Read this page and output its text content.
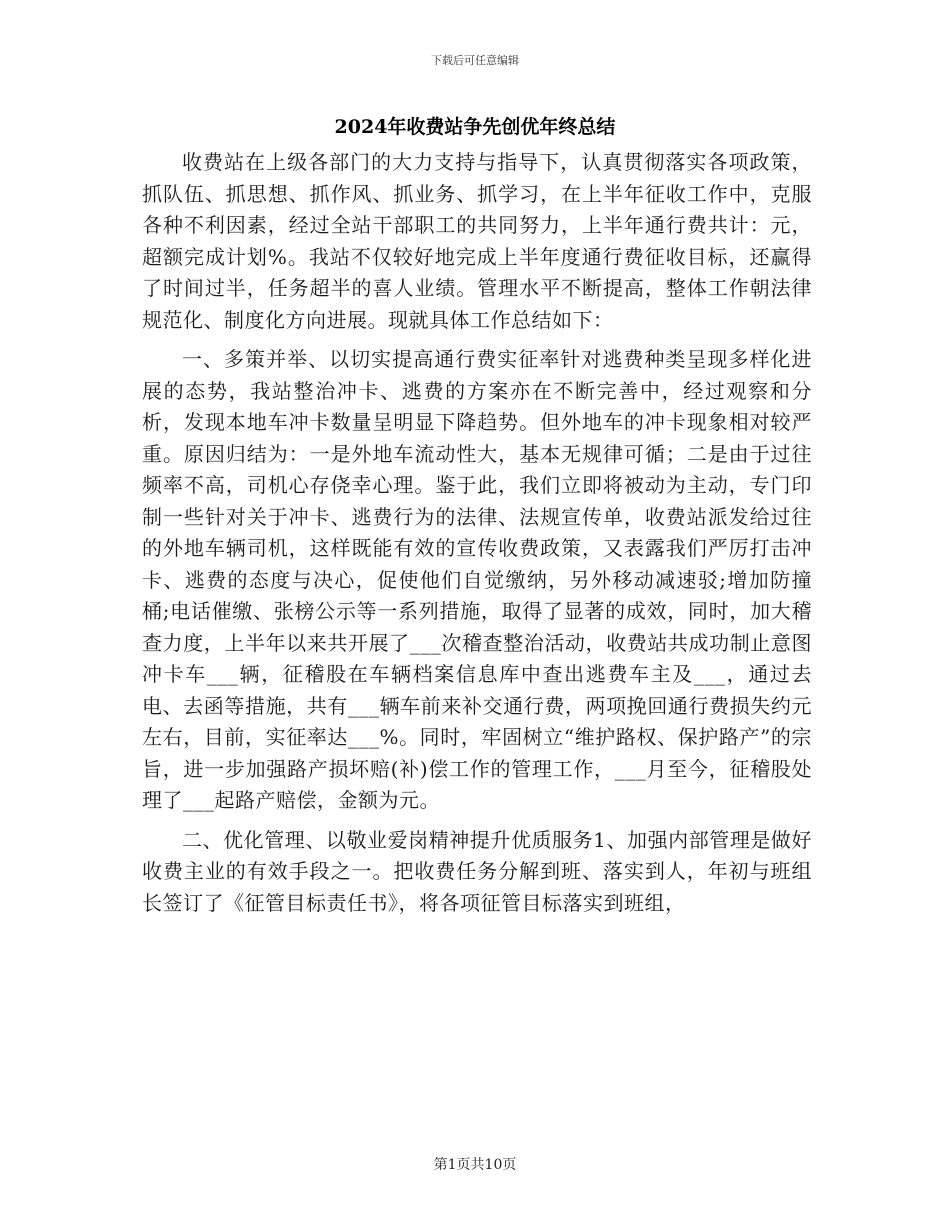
下载后可任意编辑
2024年收费站争先创优年终总结

收费站在上级各部门的大力支持与指导下，认真贯彻落实各项政策，抓队伍、抓思想、抓作风、抓业务、抓学习，在上半年征收工作中，克服各种不利因素，经过全站干部职工的共同努力，上半年通行费共计：元，超额完成计划%。我站不仅较好地完成上半年度通行费征收目标，还赢得了时间过半，任务超半的喜人业绩。管理水平不断提高，整体工作朝法律规范化、制度化方向进展。现就具体工作总结如下：

一、多策并举、以切实提高通行费实征率针对逃费种类呈现多样化进展的态势，我站整治冲卡、逃费的方案亦在不断完善中，经过观察和分析，发现本地车冲卡数量呈明显下降趋势。但外地车的冲卡现象相对较严重。原因归结为：一是外地车流动性大，基本无规律可循；二是由于过往频率不高，司机心存侥幸心理。鉴于此，我们立即将被动为主动，专门印制一些针对关于冲卡、逃费行为的法律、法规宣传单，收费站派发给过往的外地车辆司机，这样既能有效的宣传收费政策，又表露我们严厉打击冲卡、逃费的态度与决心，促使他们自觉缴纳，另外移动减速驳;增加防撞桶;电话催缴、张榜公示等一系列措施，取得了显著的成效，同时，加大稽查力度，上半年以来共开展了___次稽查整治活动，收费站共成功制止意图冲卡车___辆，征稽股在车辆档案信息库中查出逃费车主及___，通过去电、去函等措施，共有___辆车前来补交通行费，两项挽回通行费损失约元左右，目前，实征率达___%。同时，牢固树立“维护路权、保护路产”的宗旨，进一步加强路产损坏赔(补)偿工作的管理工作，___月至今，征稽股处理了___起路产赔偿，金额为元。

二、优化管理、以敬业爱岗精神提升优质服务1、加强内部管理是做好收费主业的有效手段之一。把收费任务分解到班、落实到人，年初与班组长签订了《征管目标责任书》，将各项征管目标落实到班组，

第1页共10页
